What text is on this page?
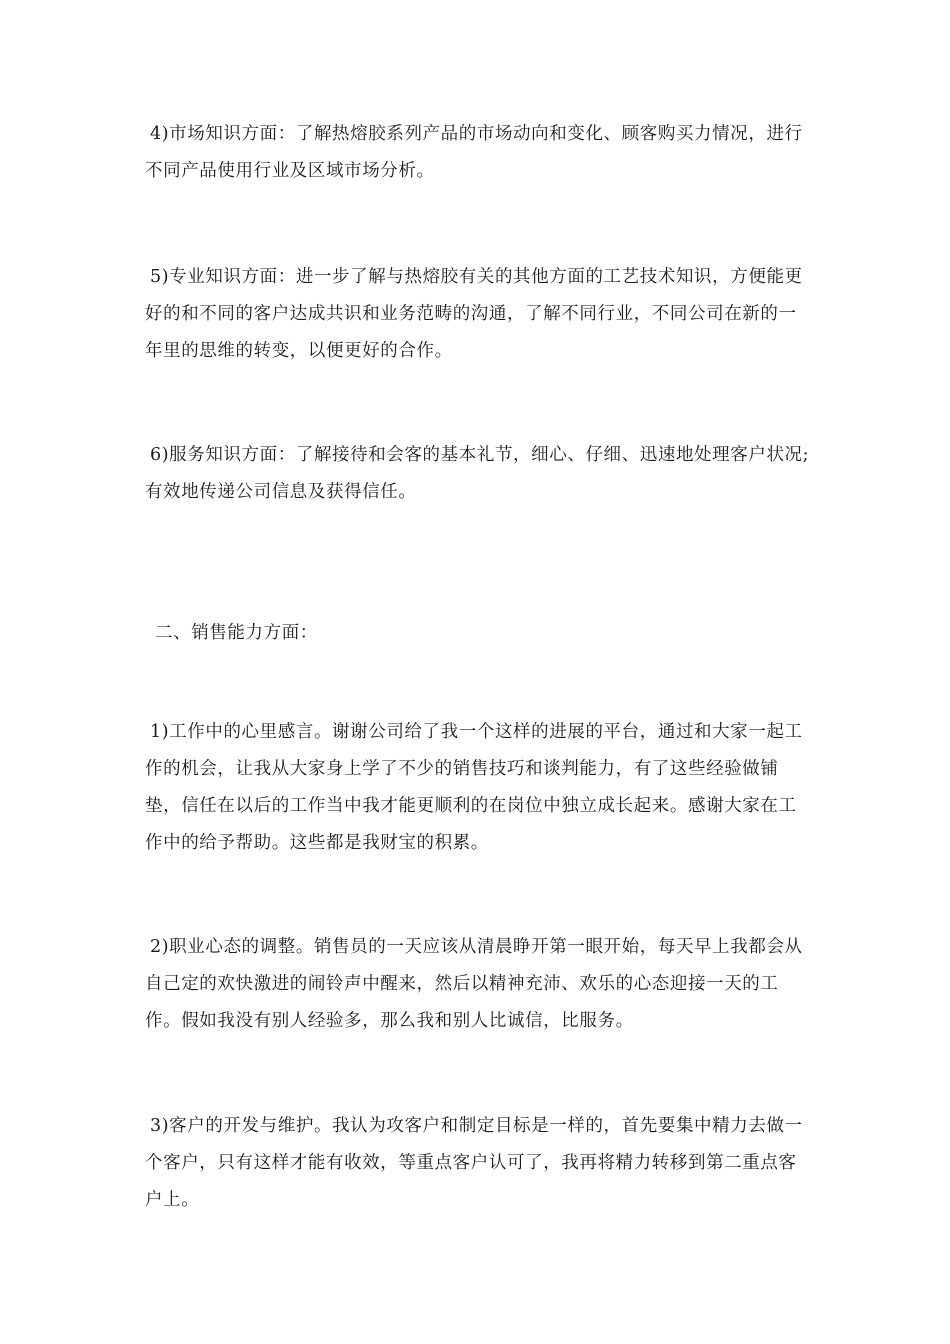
4)市场知识方面：了解热熔胶系列产品的市场动向和变化、顾客购买力情况，进行不同产品使用行业及区域市场分析。

5)专业知识方面：进一步了解与热熔胶有关的其他方面的工艺技术知识，方便能更好的和不同的客户达成共识和业务范畴的沟通，了解不同行业，不同公司在新的一年里的思维的转变，以便更好的合作。

6)服务知识方面：了解接待和会客的基本礼节，细心、仔细、迅速地处理客户状况;有效地传递公司信息及获得信任。

二、销售能力方面：

1)工作中的心里感言。谢谢公司给了我一个这样的进展的平台，通过和大家一起工作的机会，让我从大家身上学了不少的销售技巧和谈判能力，有了这些经验做铺垫，信任在以后的工作当中我才能更顺利的在岗位中独立成长起来。感谢大家在工作中的给予帮助。这些都是我财宝的积累。

2)职业心态的调整。销售员的一天应该从清晨睁开第一眼开始，每天早上我都会从自己定的欢快激进的闹铃声中醒来，然后以精神充沛、欢乐的心态迎接一天的工作。假如我没有别人经验多，那么我和别人比诚信，比服务。

3)客户的开发与维护。我认为攻客户和制定目标是一样的，首先要集中精力去做一个客户，只有这样才能有收效，等重点客户认可了，我再将精力转移到第二重点客户上。
